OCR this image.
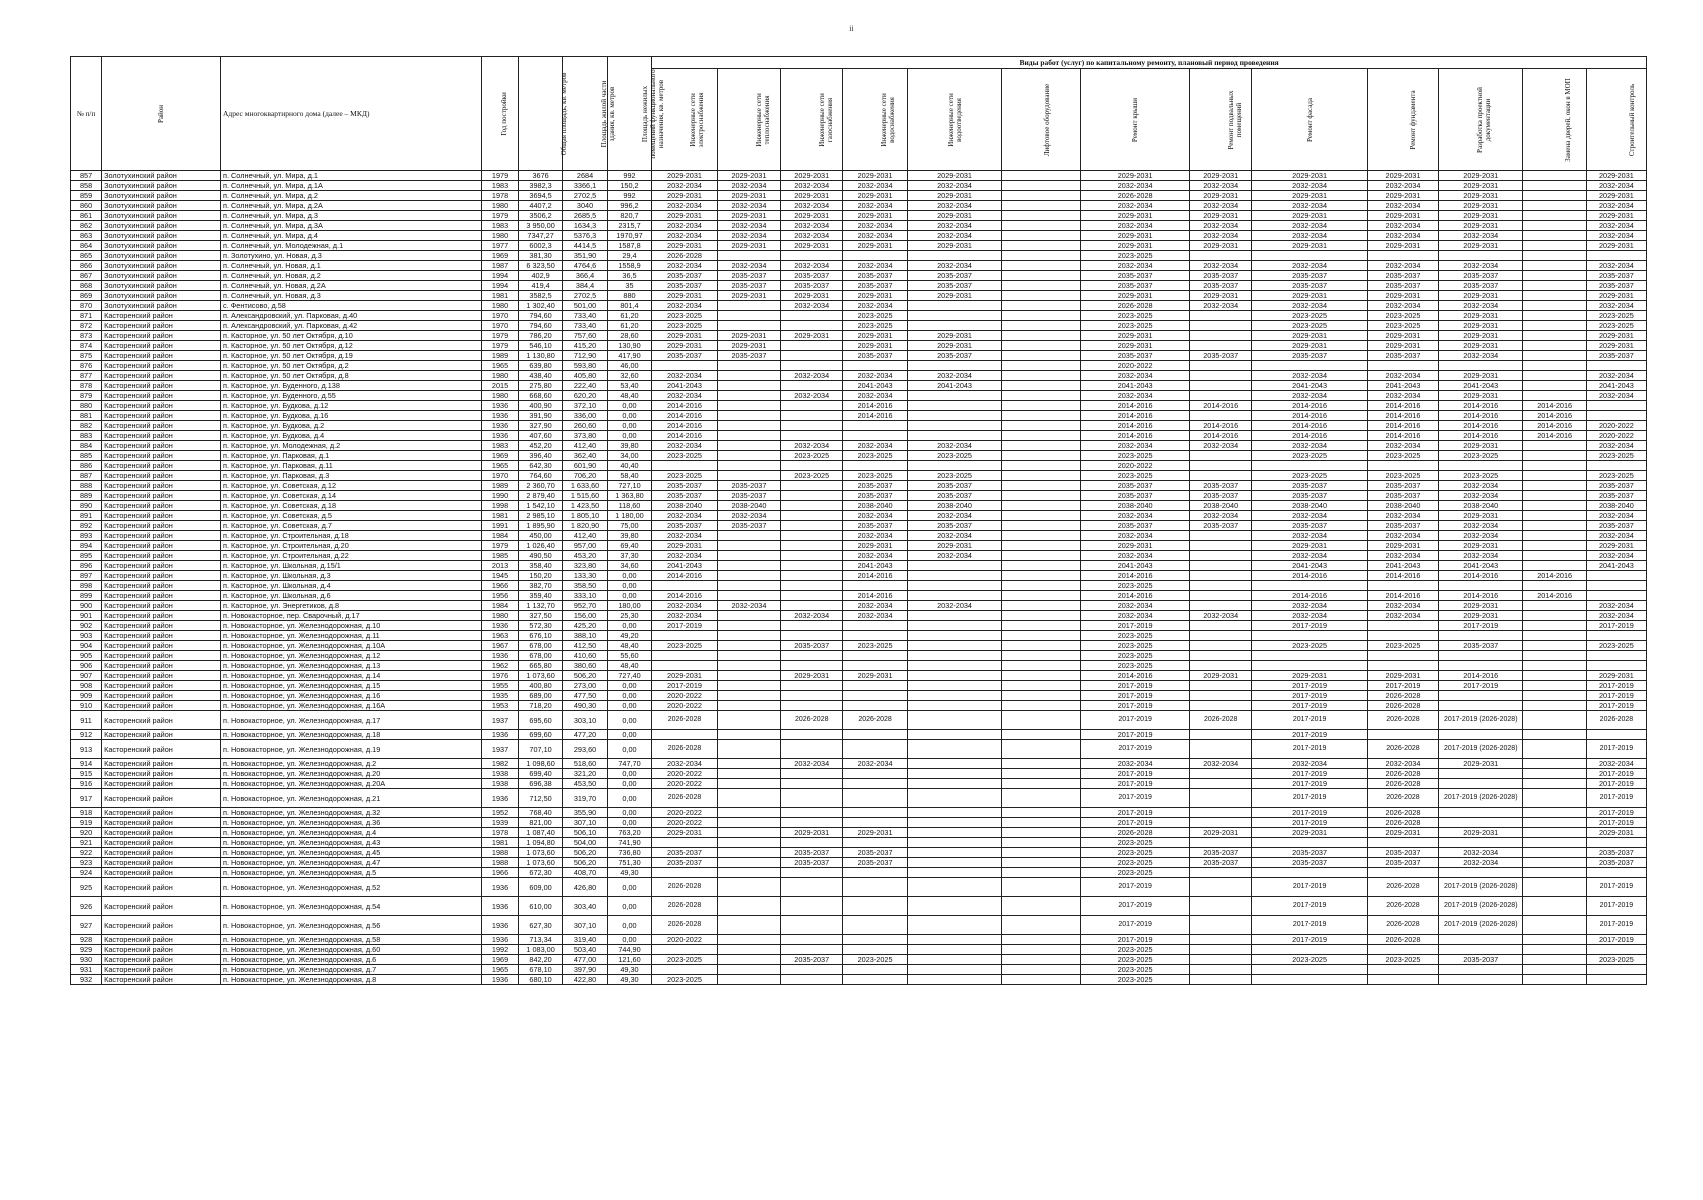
ii
№ п/п	Район	Адрес многоквартирного дома (далее – МКД)	Год постройки	Общая площадь, кв. метров	Площадь жилой части здания, кв. метров	Площадь нежилых помещений функционального назначения, кв. метров	Виды работ (услуг) по капитальному ремонту, плановый период проведения												
							Инженерные сети электроснабжения	Инженерные сети теплоснабжения	Инженерные сети газоснабжения	Инженерные сети водоснабжения	Инженерные сети водоотведения	Лифтовое оборудование	Ремонт крыши	Ремонт подвальных помещений	Ремонт фасада	Ремонт фундамента	Разработка проектной документации	Замена дверей, окон в МОП	Строительный контроль
857	Золотухинский район	п. Солнечный, ул. Мира, д.1	1979	3676	2684	992	2029-2031	2029-2031	2029-2031	2029-2031	2029-2031		2029-2031	2029-2031	2029-2031	2029-2031	2029-2031		2029-2031
858	Золотухинский район	п. Солнечный, ул. Мира, д.1А	1983	3982,3	3366,1	150,2	2032-2034	2032-2034	2032-2034	2032-2034	2032-2034		2032-2034	2032-2034	2032-2034	2032-2034	2029-2031		2032-2034
859	Золотухинский район	п. Солнечный, ул. Мира, д.2	1978	3694,5	2702,5	992	2029-2031	2029-2031	2029-2031	2029-2031	2029-2031		2026-2028	2029-2031	2029-2031	2029-2031	2029-2031		2029-2031
860	Золотухинский район	п. Солнечный, ул. Мира, д.2А	1980	4407,2	3040	996,2	2032-2034	2032-2034	2032-2034	2032-2034	2032-2034		2032-2034	2032-2034	2032-2034	2032-2034	2029-2031		2032-2034
861	Золотухинский район	п. Солнечный, ул. Мира, д.3	1979	3506,2	2685,5	820,7	2029-2031	2029-2031	2029-2031	2029-2031	2029-2031		2029-2031	2029-2031	2029-2031	2029-2031	2029-2031		2029-2031
862	Золотухинский район	п. Солнечный, ул. Мира, д.3А	1983	3 950,00	1634,3	2315,7	2032-2034	2032-2034	2032-2034	2032-2034	2032-2034		2032-2034	2032-2034	2032-2034	2032-2034	2029-2031		2032-2034
863	Золотухинский район	п. Солнечный, ул. Мира, д.4	1980	7347,27	5376,3	1970,97	2032-2034	2032-2034	2032-2034	2032-2034	2032-2034		2029-2031	2032-2034	2032-2034	2032-2034	2032-2034		2032-2034
864	Золотухинский район	п. Солнечный, ул. Молодежная, д.1	1977	6002,3	4414,5	1587,8	2029-2031	2029-2031	2029-2031	2029-2031	2029-2031		2029-2031	2029-2031	2029-2031	2029-2031	2029-2031		2029-2031
865	Золотухинский район	п. Золотухино, ул. Новая, д.3	1969	381,30	351,90	29,4	2026-2028						2023-2025						
866	Золотухинский район	п. Солнечный, ул. Новая, д.1	1987	6 323,50	4764,6	1558,9	2032-2034	2032-2034	2032-2034	2032-2034	2032-2034		2032-2034	2032-2034	2032-2034	2032-2034	2032-2034		2032-2034
867	Золотухинский район	п. Солнечный, ул. Новая, д.2	1994	402,9	366,4	36,5	2035-2037	2035-2037	2035-2037	2035-2037	2035-2037		2035-2037	2035-2037	2035-2037	2035-2037	2035-2037		2035-2037
868	Золотухинский район	п. Солнечный, ул. Новая, д.2А	1994	419,4	384,4	35	2035-2037	2035-2037	2035-2037	2035-2037	2035-2037		2035-2037	2035-2037	2035-2037	2035-2037	2035-2037		2035-2037
869	Золотухинский район	п. Солнечный, ул. Новая, д.3	1981	3582,5	2702,5	880	2029-2031	2029-2031	2029-2031	2029-2031	2029-2031		2029-2031	2029-2031	2029-2031	2029-2031	2029-2031		2029-2031
870	Золотухинский район	с. Фентисово, д.58	1980	1 302,40	501,00	801,4	2032-2034		2032-2034	2032-2034			2026-2028	2032-2034	2032-2034	2032-2034	2032-2034		2032-2034
871	Касторенский район	п. Александровский, ул. Парковая, д.40	1970	794,60	733,40	61,20	2023-2025			2023-2025			2023-2025		2023-2025	2023-2025	2029-2031		2023-2025
872	Касторенский район	п. Александровский, ул. Парковая, д.42	1970	794,60	733,40	61,20	2023-2025			2023-2025			2023-2025		2023-2025	2023-2025	2029-2031		2023-2025
873	Касторенский район	п. Касторное, ул. 50 лет Октября, д.10	1979	786,20	757,60	28,60	2029-2031	2029-2031	2029-2031	2029-2031	2029-2031		2029-2031		2029-2031	2029-2031	2029-2031		2029-2031
874	Касторенский район	п. Касторное, ул. 50 лет Октября, д.12	1979	546,10	415,20	130,90	2029-2031	2029-2031		2029-2031	2029-2031		2029-2031		2029-2031	2029-2031	2029-2031		2029-2031
875	Касторенский район	п. Касторное, ул. 50 лет Октября, д.19	1989	1 130,80	712,90	417,90	2035-2037	2035-2037		2035-2037	2035-2037		2035-2037	2035-2037	2035-2037	2035-2037	2032-2034		2035-2037
876	Касторенский район	п. Касторное, ул. 50 лет Октября, д.2	1965	639,80	593,80	46,00							2020-2022						
877	Касторенский район	п. Касторное, ул. 50 лет Октября, д.8	1980	438,40	405,80	32,60	2032-2034		2032-2034	2032-2034	2032-2034		2032-2034		2032-2034	2032-2034	2029-2031		2032-2034
878	Касторенский район	п. Касторное, ул. Буденного, д.138	2015	275,80	222,40	53,40	2041-2043			2041-2043	2041-2043		2041-2043		2041-2043	2041-2043	2041-2043		2041-2043
879	Касторенский район	п. Касторное, ул. Буденного, д.55	1980	668,60	620,20	48,40	2032-2034		2032-2034	2032-2034			2032-2034		2032-2034	2032-2034	2029-2031		2032-2034
880	Касторенский район	п. Касторное, ул. Будкова, д.12	1936	400,90	372,10	0,00	2014-2016			2014-2016			2014-2016	2014-2016	2014-2016	2014-2016	2014-2016	2014-2016	
881	Касторенский район	п. Касторное, ул. Будкова, д.16	1936	391,90	336,00	0,00	2014-2016			2014-2016			2014-2016		2014-2016	2014-2016	2014-2016	2014-2016	
882	Касторенский район	п. Касторное, ул. Будкова, д.2	1936	327,90	260,60	0,00	2014-2016						2014-2016	2014-2016	2014-2016	2014-2016	2014-2016	2014-2016	2020-2022
883	Касторенский район	п. Касторное, ул. Будкова, д.4	1936	407,60	373,80	0,00	2014-2016						2014-2016	2014-2016	2014-2016	2014-2016	2014-2016	2014-2016	2020-2022
884	Касторенский район	п. Касторное, ул. Молодежная, д.2	1983	452,20	412,40	39,80	2032-2034		2032-2034	2032-2034	2032-2034		2032-2034	2032-2034	2032-2034	2032-2034	2029-2031		2032-2034
885	Касторенский район	п. Касторное, ул. Парковая, д.1	1969	396,40	362,40	34,00	2023-2025		2023-2025	2023-2025	2023-2025		2023-2025		2023-2025	2023-2025	2023-2025		2023-2025
886	Касторенский район	п. Касторное, ул. Парковая, д.11	1965	642,30	601,90	40,40							2020-2022						
887	Касторенский район	п. Касторное, ул. Парковая, д.3	1970	764,60	706,20	58,40	2023-2025		2023-2025	2023-2025	2023-2025		2023-2025		2023-2025	2023-2025	2023-2025		2023-2025
888	Касторенский район	п. Касторное, ул. Советская, д.12	1989	2 360,70	1 633,60	727,10	2035-2037	2035-2037		2035-2037	2035-2037		2035-2037	2035-2037	2035-2037	2035-2037	2032-2034		2035-2037
889	Касторенский район	п. Касторное, ул. Советская, д.14	1990	2 879,40	1 515,60	1 363,80	2035-2037	2035-2037		2035-2037	2035-2037		2035-2037	2035-2037	2035-2037	2035-2037	2032-2034		2035-2037
890	Касторенский район	п. Касторное, ул. Советская, д.18	1998	1 542,10	1 423,50	118,60	2038-2040	2038-2040		2038-2040	2038-2040		2038-2040	2038-2040	2038-2040	2038-2040	2038-2040		2038-2040
891	Касторенский район	п. Касторное, ул. Советская, д.5	1981	2 985,10	1 805,10	1 180,00	2032-2034	2032-2034		2032-2034	2032-2034		2032-2034	2032-2034	2032-2034	2032-2034	2029-2031		2032-2034
892	Касторенский район	п. Касторное, ул. Советская, д.7	1991	1 895,90	1 820,90	75,00	2035-2037	2035-2037		2035-2037	2035-2037		2035-2037	2035-2037	2035-2037	2035-2037	2032-2034		2035-2037
893	Касторенский район	п. Касторное, ул. Строительная, д.18	1984	450,00	412,40	39,80	2032-2034			2032-2034	2032-2034		2032-2034		2032-2034	2032-2034	2032-2034		2032-2034
894	Касторенский район	п. Касторное, ул. Строительная, д.20	1979	1 026,40	957,00	69,40	2029-2031			2029-2031	2029-2031		2029-2031		2029-2031	2029-2031	2029-2031		2029-2031
895	Касторенский район	п. Касторное, ул. Строительная, д.22	1985	490,50	453,20	37,30	2032-2034			2032-2034	2032-2034		2032-2034		2032-2034	2032-2034	2032-2034		2032-2034
896	Касторенский район	п. Касторное, ул. Школьная, д.15/1	2013	358,40	323,80	34,60	2041-2043			2041-2043			2041-2043		2041-2043	2041-2043	2041-2043		2041-2043
897	Касторенский район	п. Касторное, ул. Школьная, д.3	1945	150,20	133,30	0,00	2014-2016			2014-2016			2014-2016		2014-2016	2014-2016	2014-2016	2014-2016	
898	Касторенский район	п. Касторное, ул. Школьная, д.4	1966	382,70	358,50	0,00							2023-2025						
899	Касторенский район	п. Касторное, ул. Школьная, д.6	1956	359,40	333,10	0,00	2014-2016			2014-2016			2014-2016		2014-2016	2014-2016	2014-2016	2014-2016	
900	Касторенский район	п. Касторное, ул. Энергетиков, д.8	1984	1 132,70	952,70	180,00	2032-2034	2032-2034		2032-2034	2032-2034		2032-2034		2032-2034	2032-2034	2029-2031		2032-2034
901	Касторенский район	п. Новокасторное, пер. Сварочный, д.17	1980	327,50	156,00	25,30	2032-2034		2032-2034	2032-2034			2032-2034	2032-2034	2032-2034	2032-2034	2029-2031		2032-2034
902	Касторенский район	п. Новокасторное, ул. Железнодорожная, д.10	1936	572,30	425,20	0,00	2017-2019						2017-2019		2017-2019		2017-2019		2017-2019
903	Касторенский район	п. Новокасторное, ул. Железнодорожная, д.11	1963	676,10	388,10	49,20							2023-2025						
904	Касторенский район	п. Новокасторное, ул. Железнодорожная, д.10А	1967	678,00	412,50	48,40	2023-2025		2035-2037	2023-2025			2023-2025		2023-2025	2023-2025	2035-2037		2023-2025
905	Касторенский район	п. Новокасторное, ул. Железнодорожная, д.12	1936	678,00	410,60	55,60							2023-2025						
906	Касторенский район	п. Новокасторное, ул. Железнодорожная, д.13	1962	665,80	380,60	48,40							2023-2025						
907	Касторенский район	п. Новокасторное, ул. Железнодорожная, д.14	1976	1 073,60	506,20	727,40	2029-2031		2029-2031	2029-2031			2014-2016	2029-2031	2029-2031	2029-2031	2014-2016		2029-2031
908	Касторенский район	п. Новокасторное, ул. Железнодорожная, д.15	1955	400,80	273,00	0,00	2017-2019						2017-2019		2017-2019	2017-2019	2017-2019		2017-2019
909	Касторенский район	п. Новокасторное, ул. Железнодорожная, д.16	1935	689,00	477,50	0,00	2020-2022						2017-2019		2017-2019	2026-2028			2017-2019
910	Касторенский район	п. Новокасторное, ул. Железнодорожная, д.16А	1953	718,20	490,30	0,00	2020-2022						2017-2019		2017-2019	2026-2028			2017-2019
911	Касторенский район	п. Новокасторное, ул. Железнодорожная, д.17	1937	695,60	303,10	0,00	2026-2028		2026-2028	2026-2028			2017-2019	2026-2028	2017-2019	2026-2028	2017-2019 (2026-2028)		2026-2028
912	Касторенский район	п. Новокасторное, ул. Железнодорожная, д.18	1936	699,60	477,20	0,00							2017-2019		2017-2019				
913	Касторенский район	п. Новокасторное, ул. Железнодорожная, д.19	1937	707,10	293,60	0,00	2026-2028						2017-2019		2017-2019	2026-2028	2017-2019 (2026-2028)		2017-2019
914	Касторенский район	п. Новокасторное, ул. Железнодорожная, д.2	1982	1 098,60	518,60	747,70	2032-2034		2032-2034	2032-2034			2032-2034	2032-2034	2032-2034	2032-2034	2029-2031		2032-2034
915	Касторенский район	п. Новокасторное, ул. Железнодорожная, д.20	1938	699,40	321,20	0,00	2020-2022						2017-2019		2017-2019	2026-2028			2017-2019
916	Касторенский район	п. Новокасторное, ул. Железнодорожная, д.20А	1938	696,38	453,50	0,00	2020-2022						2017-2019		2017-2019	2026-2028			2017-2019
917	Касторенский район	п. Новокасторное, ул. Железнодорожная, д.21	1936	712,50	319,70	0,00	2026-2028						2017-2019		2017-2019	2026-2028	2017-2019 (2026-2028)		2017-2019
918	Касторенский район	п. Новокасторное, ул. Железнодорожная, д.32	1952	768,40	355,90	0,00	2020-2022						2017-2019		2017-2019	2026-2028			2017-2019
919	Касторенский район	п. Новокасторное, ул. Железнодорожная, д.36	1939	821,00	307,10	0,00	2020-2022						2017-2019		2017-2019	2026-2028			2017-2019
920	Касторенский район	п. Новокасторное, ул. Железнодорожная, д.4	1978	1 087,40	506,10	763,20	2029-2031		2029-2031	2029-2031			2026-2028	2029-2031	2029-2031	2029-2031	2029-2031		2029-2031
921	Касторенский район	п. Новокасторное, ул. Железнодорожная, д.43	1981	1 094,80	504,00	741,90							2023-2025						
922	Касторенский район	п. Новокасторное, ул. Железнодорожная, д.45	1988	1 073,60	506,20	736,80	2035-2037		2035-2037	2035-2037			2023-2025	2035-2037	2035-2037	2035-2037	2032-2034		2035-2037
923	Касторенский район	п. Новокасторное, ул. Железнодорожная, д.47	1988	1 073,60	506,20	751,30	2035-2037		2035-2037	2035-2037			2023-2025	2035-2037	2035-2037	2035-2037	2032-2034		2035-2037
924	Касторенский район	п. Новокасторное, ул. Железнодорожная, д.5	1966	672,30	408,70	49,30							2023-2025						
925	Касторенский район	п. Новокасторное, ул. Железнодорожная, д.52	1936	609,00	426,80	0,00	2026-2028						2017-2019		2017-2019	2026-2028	2017-2019 (2026-2028)		2017-2019
926	Касторенский район	п. Новокасторное, ул. Железнодорожная, д.54	1936	610,00	303,40	0,00	2026-2028						2017-2019		2017-2019	2026-2028	2017-2019 (2026-2028)		2017-2019
927	Касторенский район	п. Новокасторное, ул. Железнодорожная, д.56	1936	627,30	307,10	0,00	2026-2028						2017-2019		2017-2019	2026-2028	2017-2019 (2026-2028)		2017-2019
928	Касторенский район	п. Новокасторное, ул. Железнодорожная, д.58	1936	713,34	319,40	0,00	2020-2022						2017-2019		2017-2019	2026-2028			2017-2019
929	Касторенский район	п. Новокасторное, ул. Железнодорожная, д.60	1992	1 083,00	503,40	744,90							2023-2025						
930	Касторенский район	п. Новокасторное, ул. Железнодорожная, д.6	1969	842,20	477,00	121,60	2023-2025		2035-2037	2023-2025			2023-2025		2023-2025	2023-2025	2035-2037		2023-2025
931	Касторенский район	п. Новокасторное, ул. Железнодорожная, д.7	1965	678,10	397,90	49,30							2023-2025						
932	Касторенский район	п. Новокасторное, ул. Железнодорожная, д.8	1936	680,10	422,80	49,30	2023-2025						2023-2025						
